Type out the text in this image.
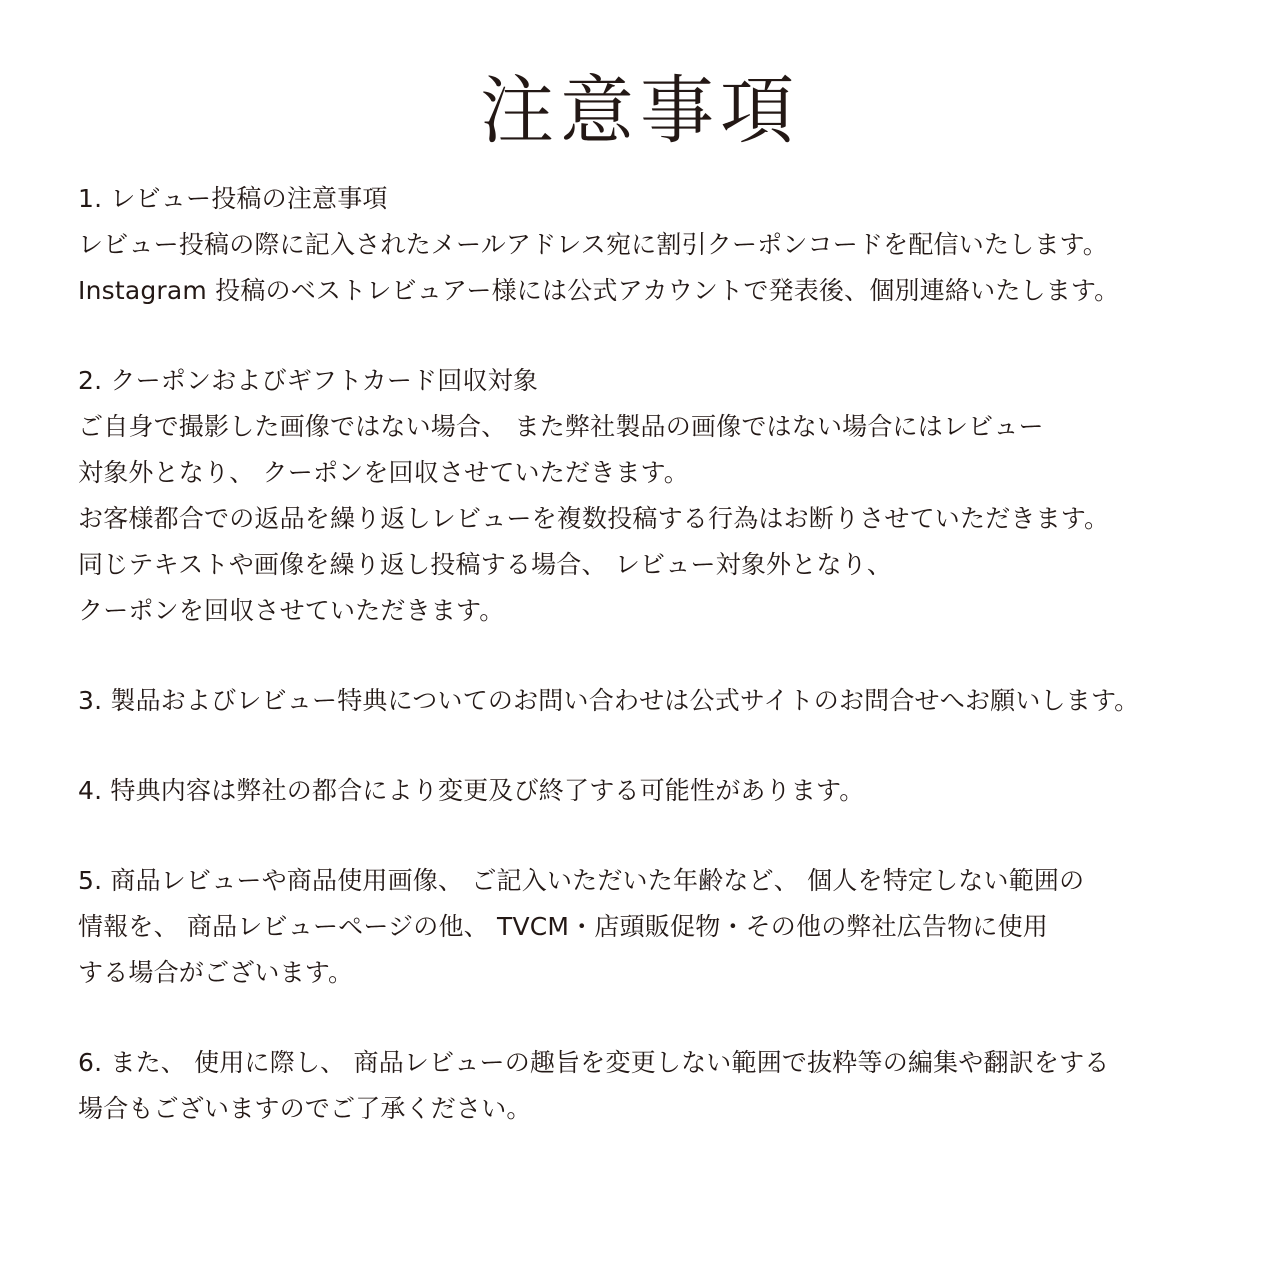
注意事項
1. レビュー投稿の注意事項
レビュー投稿の際に記入されたメールアドレス宛に割引クーポンコードを配信いたします。
Instagram 投稿のベストレビュアー様には公式アカウントで発表後、個別連絡いたします。
2. クーポンおよびギフトカード回収対象
ご自身で撮影した画像ではない場合、 また弊社製品の画像ではない場合にはレビュー
対象外となり、 クーポンを回収させていただきます。
お客様都合での返品を繰り返しレビューを複数投稿する行為はお断りさせていただきます。
同じテキストや画像を繰り返し投稿する場合、 レビュー対象外となり、
クーポンを回収させていただきます。
3. 製品およびレビュー特典についてのお問い合わせは公式サイトのお問合せへお願いします。
4. 特典内容は弊社の都合により変更及び終了する可能性があります。
5. 商品レビューや商品使用画像、 ご記入いただいた年齢など、 個人を特定しない範囲の
情報を、 商品レビューページの他、 TVCM・店頭販促物・その他の弊社広告物に使用
する場合がございます。
6. また、 使用に際し、 商品レビューの趣旨を変更しない範囲で抜粋等の編集や翻訳をする
場合もございますのでご了承ください。
